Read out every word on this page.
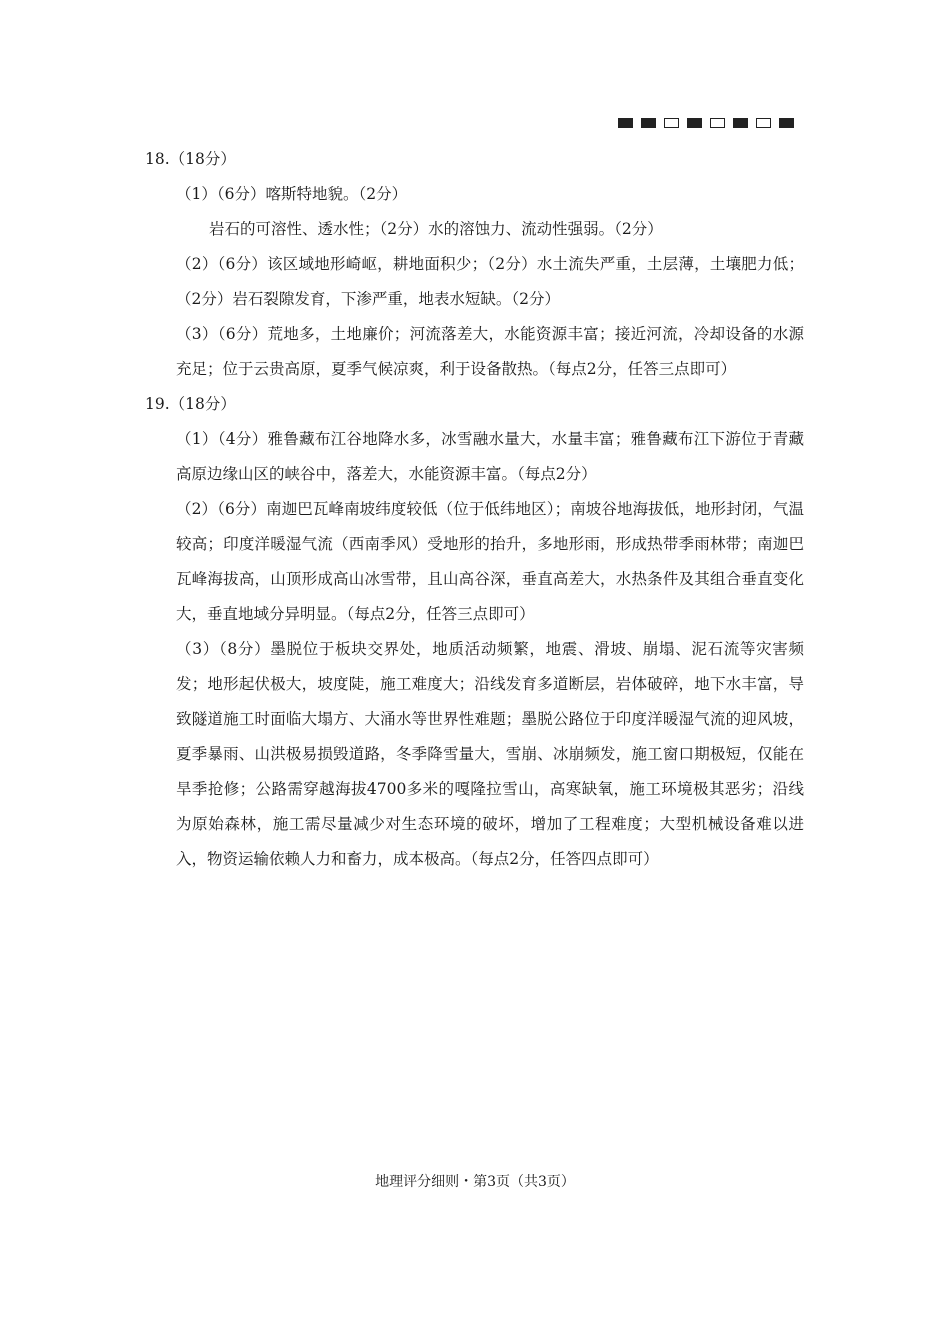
18.（18分）
（1）（6分）喀斯特地貌。（2分）
岩石的可溶性、透水性；（2分）水的溶蚀力、流动性强弱。（2分）
（2）（6分）该区域地形崎岖，耕地面积少；（2分）水土流失严重，土层薄，土壤肥力低；（2分）岩石裂隙发育，下渗严重，地表水短缺。（2分）
（3）（6分）荒地多，土地廉价；河流落差大，水能资源丰富；接近河流，冷却设备的水源充足；位于云贵高原，夏季气候凉爽，利于设备散热。（每点2分，任答三点即可）
19.（18分）
（1）（4分）雅鲁藏布江谷地降水多，冰雪融水量大，水量丰富；雅鲁藏布江下游位于青藏高原边缘山区的峡谷中，落差大，水能资源丰富。（每点2分）
（2）（6分）南迦巴瓦峰南坡纬度较低（位于低纬地区）；南坡谷地海拔低，地形封闭，气温较高；印度洋暖湿气流（西南季风）受地形的抬升，多地形雨，形成热带季雨林带；南迦巴瓦峰海拔高，山顶形成高山冰雪带，且山高谷深，垂直高差大，水热条件及其组合垂直变化大，垂直地域分异明显。（每点2分，任答三点即可）
（3）（8分）墨脱位于板块交界处，地质活动频繁，地震、滑坡、崩塌、泥石流等灾害频发；地形起伏极大，坡度陡，施工难度大；沿线发育多道断层，岩体破碎，地下水丰富，导致隧道施工时面临大塌方、大涌水等世界性难题；墨脱公路位于印度洋暖湿气流的迎风坡，夏季暴雨、山洪极易损毁道路，冬季降雪量大，雪崩、冰崩频发，施工窗口期极短，仅能在旱季抢修；公路需穿越海拔4700多米的嘎隆拉雪山，高寒缺氧，施工环境极其恶劣；沿线为原始森林，施工需尽量减少对生态环境的破坏，增加了工程难度；大型机械设备难以进入，物资运输依赖人力和畜力，成本极高。（每点2分，任答四点即可）
地理评分细则・第3页（共3页）
